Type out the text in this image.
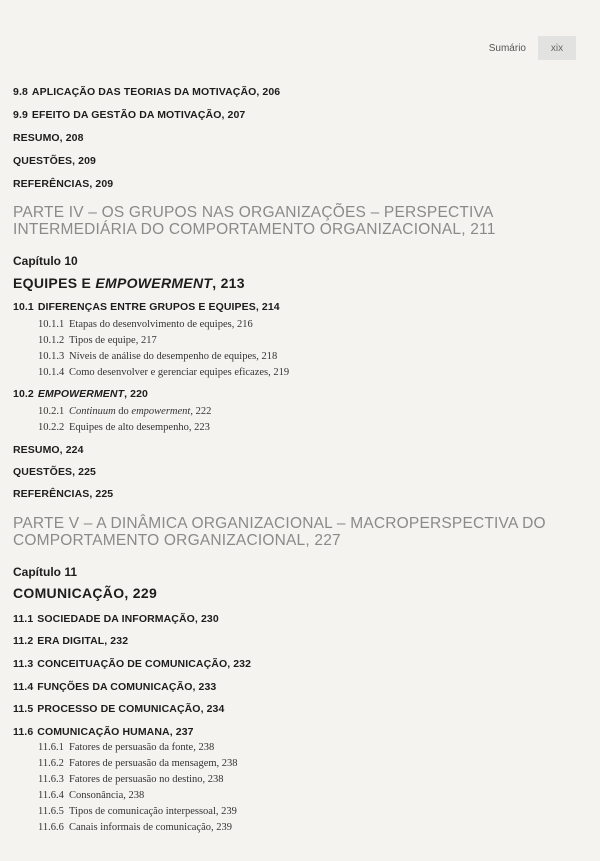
Sumário	xix
9.8 APLICAÇÃO DAS TEORIAS DA MOTIVAÇÃO, 206
9.9 EFEITO DA GESTÃO DA MOTIVAÇÃO, 207
RESUMO, 208
QUESTÕES, 209
REFERÊNCIAS, 209
PARTE IV – OS GRUPOS NAS ORGANIZAÇÕES – PERSPECTIVA INTERMEDIÁRIA DO COMPORTAMENTO ORGANIZACIONAL, 211
Capítulo 10
EQUIPES E EMPOWERMENT, 213
10.1 DIFERENÇAS ENTRE GRUPOS E EQUIPES, 214
10.1.1 Etapas do desenvolvimento de equipes, 216
10.1.2 Tipos de equipe, 217
10.1.3 Níveis de análise do desempenho de equipes, 218
10.1.4 Como desenvolver e gerenciar equipes eficazes, 219
10.2 EMPOWERMENT, 220
10.2.1 Continuum do empowerment, 222
10.2.2 Equipes de alto desempenho, 223
RESUMO, 224
QUESTÕES, 225
REFERÊNCIAS, 225
PARTE V – A DINÂMICA ORGANIZACIONAL – MACROPERSPECTIVA DO COMPORTAMENTO ORGANIZACIONAL, 227
Capítulo 11
COMUNICAÇÃO, 229
11.1 SOCIEDADE DA INFORMAÇÃO, 230
11.2 ERA DIGITAL, 232
11.3 CONCEITUAÇÃO DE COMUNICAÇÃO, 232
11.4 FUNÇÕES DA COMUNICAÇÃO, 233
11.5 PROCESSO DE COMUNICAÇÃO, 234
11.6 COMUNICAÇÃO HUMANA, 237
11.6.1 Fatores de persuasão da fonte, 238
11.6.2 Fatores de persuasão da mensagem, 238
11.6.3 Fatores de persuasão no destino, 238
11.6.4 Consonância, 238
11.6.5 Tipos de comunicação interpessoal, 239
11.6.6 Canais informais de comunicação, 239
